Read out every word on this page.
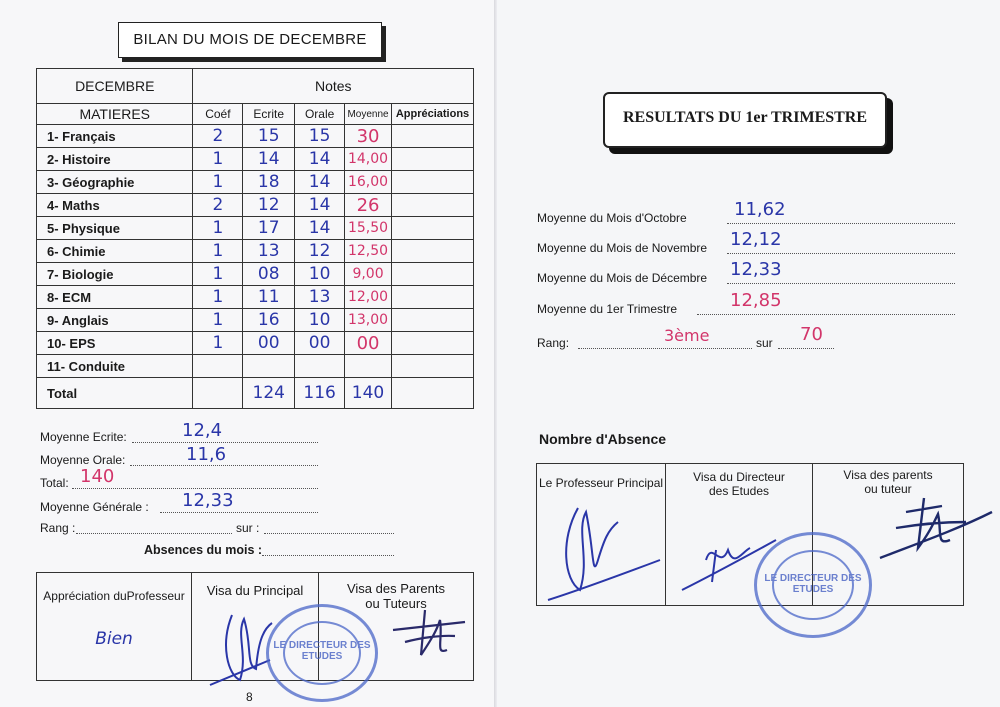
BILAN DU MOIS DE DECEMBRE
DECEMBRE	Notes				
MATIERES	Coéf	Ecrite	Orale	Moyenne	Appréciations
1- Français	2	15	15	30	
2- Histoire	1	14	14	14,00	
3- Géographie	1	18	14	16,00	
4- Maths	2	12	14	26	
5- Physique	1	17	14	15,50	
6- Chimie	1	13	12	12,50	
7- Biologie	1	08	10	9,00	
8- ECM	1	11	13	12,00	
9- Anglais	1	16	10	13,00	
10- EPS	1	00	00	00	
11- Conduite					
Total		124	116	140	
Moyenne Ecrite:	12,4
Moyenne Orale:	11,6
Total: 140
Moyenne Générale : 12,33
Rang :	sur :
Absences du mois :
Appréciation duProfesseur
Bien

Visa du Principal	Visa des Parents ou Tuteurs
LE DIRECTEUR DES ETUDES
8
RESULTATS DU 1er TRIMESTRE
Moyenne du Mois d'Octobre	11,62
Moyenne du Mois de Novembre 12,12
Moyenne du Mois de Décembre 12,33
Moyenne du 1er Trimestre	12,85
Rang:	3ème	sur 70
Nombre d'Absence
Le Professeur Principal	Visa du Directeur des Etudes

Visa des parents ou tuteur
LE DIRECTEUR DES ETUDES
